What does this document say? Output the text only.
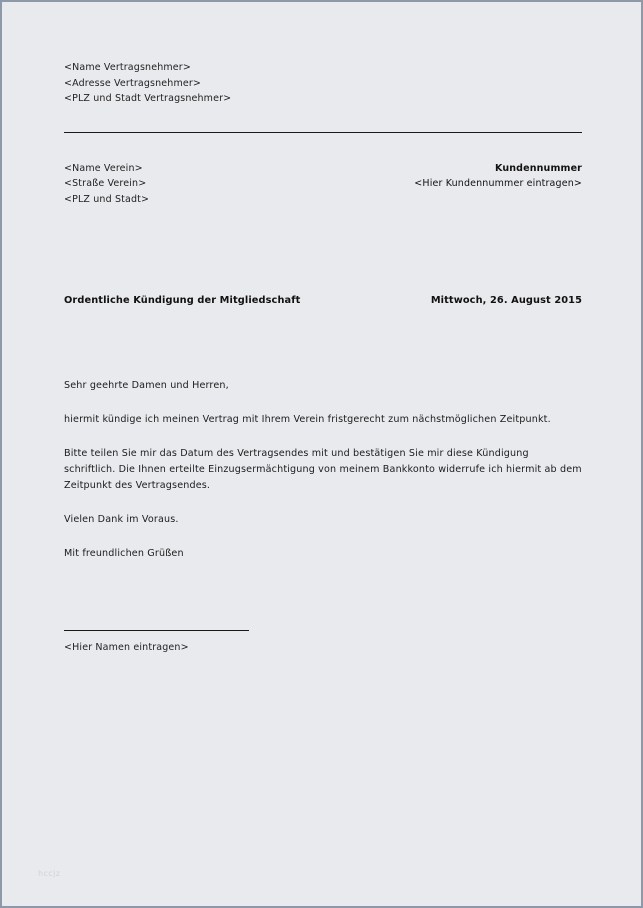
<Name Vertragsnehmer>
<Adresse Vertragsnehmer>
<PLZ und Stadt Vertragsnehmer>
<Name Verein>
<Straße Verein>
<PLZ und Stadt>
Kundennummer
<Hier Kundennummer eintragen>
Ordentliche Kündigung der Mitgliedschaft	Mittwoch, 26. August 2015

Sehr geehrte Damen und Herren,

hiermit kündige ich meinen Vertrag mit Ihrem Verein fristgerecht zum nächstmöglichen Zeitpunkt.

Bitte teilen Sie mir das Datum des Vertragsendes mit und bestätigen Sie mir diese Kündigung schriftlich. Die Ihnen erteilte Einzugsermächtigung von meinem Bankkonto widerrufe ich hiermit ab dem Zeitpunkt des Vertragsendes.

Vielen Dank im Voraus.

Mit freundlichen Grüßen

<Hier Namen eintragen>
hccjz
